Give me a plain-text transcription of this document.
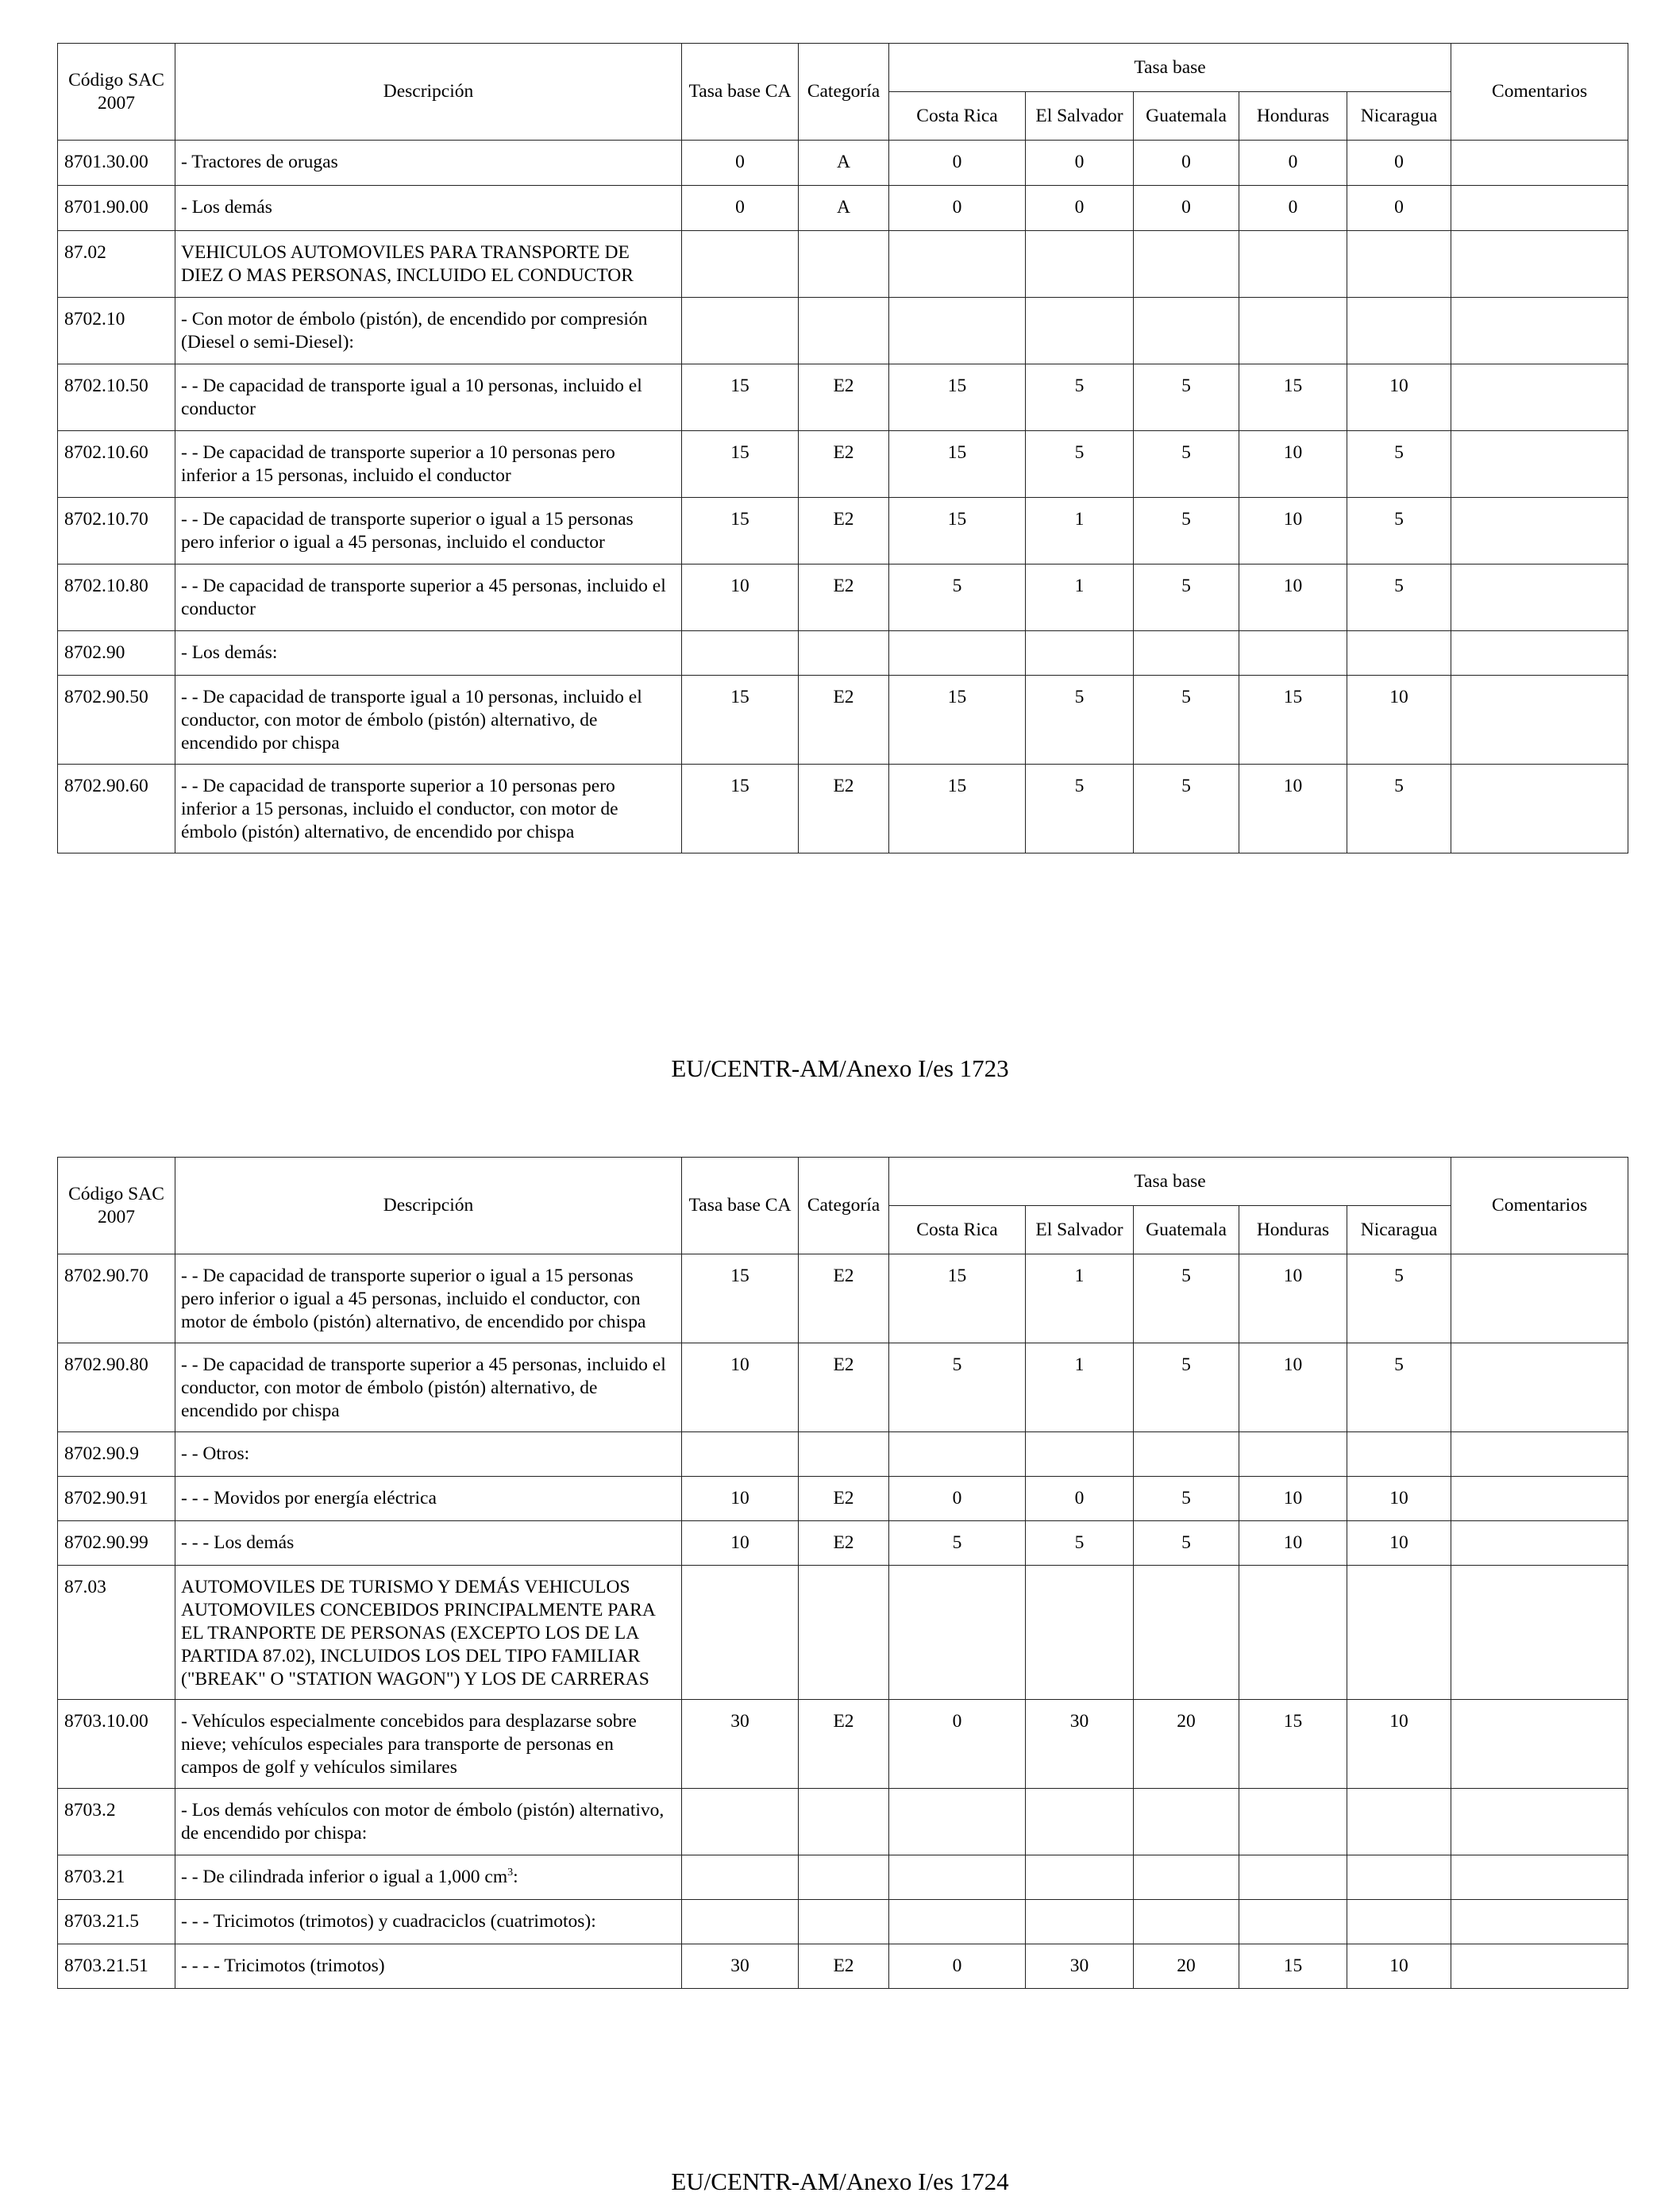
Código SAC 2007	Descripción	Tasa base CA	Categoría	Tasa base					Comentarios
				Costa Rica	El Salvador	Guatemala	Honduras	Nicaragua	
8701.30.00	- Tractores de orugas	0	A	0	0	0	0	0	
8701.90.00	- Los demás	0	A	0	0	0	0	0	
87.02	VEHICULOS AUTOMOVILES PARA TRANSPORTE DE DIEZ O MAS PERSONAS, INCLUIDO EL CONDUCTOR								
8702.10	- Con motor de émbolo (pistón), de encendido por compresión (Diesel o semi-Diesel):								
8702.10.50	- - De capacidad de transporte igual a 10 personas, incluido el conductor	15	E2	15	5	5	15	10	
8702.10.60	- - De capacidad de transporte superior a 10 personas pero inferior a 15 personas, incluido el conductor	15	E2	15	5	5	10	5	
8702.10.70	- - De capacidad de transporte superior o igual a 15 personas pero inferior o igual a 45 personas, incluido el conductor	15	E2	15	1	5	10	5	
8702.10.80	- - De capacidad de transporte superior a 45 personas, incluido el conductor	10	E2	5	1	5	10	5	
8702.90	- Los demás:								
8702.90.50	- - De capacidad de transporte igual a 10 personas, incluido el conductor, con motor de émbolo (pistón) alternativo, de encendido por chispa	15	E2	15	5	5	15	10	
8702.90.60	- - De capacidad de transporte superior a 10 personas pero inferior a 15 personas, incluido el conductor, con motor de émbolo (pistón) alternativo, de encendido por chispa	15	E2	15	5	5	10	5	
EU/CENTR-AM/Anexo I/es 1723
Código SAC 2007	Descripción	Tasa base CA	Categoría	Tasa base					Comentarios
				Costa Rica	El Salvador	Guatemala	Honduras	Nicaragua	
8702.90.70	- - De capacidad de transporte superior o igual a 15 personas pero inferior o igual a 45 personas, incluido el conductor, con motor de émbolo (pistón) alternativo, de encendido por chispa	15	E2	15	1	5	10	5	
8702.90.80	- - De capacidad de transporte superior a 45 personas, incluido el conductor, con motor de émbolo (pistón) alternativo, de encendido por chispa	10	E2	5	1	5	10	5	
8702.90.9	- - Otros:								
8702.90.91	- - - Movidos por energía eléctrica	10	E2	0	0	5	10	10	
8702.90.99	- - - Los demás	10	E2	5	5	5	10	10	
87.03	AUTOMOVILES DE TURISMO Y DEMÁS VEHICULOS AUTOMOVILES CONCEBIDOS PRINCIPALMENTE PARA EL TRANPORTE DE PERSONAS (EXCEPTO LOS DE LA PARTIDA 87.02), INCLUIDOS LOS DEL TIPO FAMILIAR ("BREAK" O "STATION WAGON") Y LOS DE CARRERAS								
8703.10.00	- Vehículos especialmente concebidos para desplazarse sobre nieve; vehículos especiales para transporte de personas en campos de golf y vehículos similares	30	E2	0	30	20	15	10	
8703.2	- Los demás vehículos con motor de émbolo (pistón) alternativo, de encendido por chispa:								
8703.21	- - De cilindrada inferior o igual a 1,000 $cm^3$:								
8703.21.5	- - - Tricimotos (trimotos) y cuadraciclos (cuatrimotos):								
8703.21.51	- - - - Tricimotos (trimotos)	30	E2	0	30	20	15	10	
EU/CENTR-AM/Anexo I/es 1724
